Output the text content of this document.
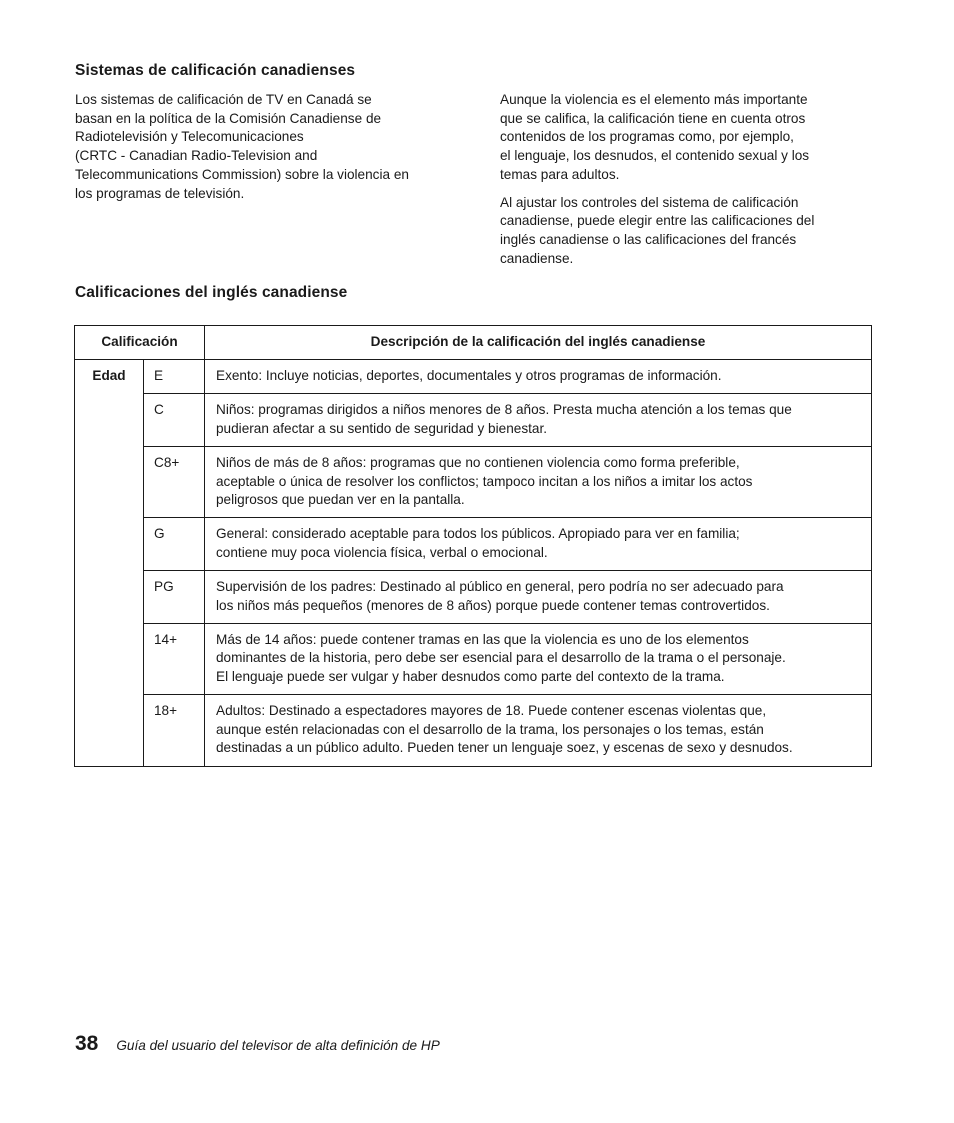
Sistemas de calificación canadienses

Los sistemas de calificación de TV en Canadá se
basan en la política de la Comisión Canadiense de
Radiotelevisión y Telecomunicaciones
(CRTC - Canadian Radio-Television and
Telecommunications Commission) sobre la violencia en
los programas de televisión.

Aunque la violencia es el elemento más importante
que se califica, la calificación tiene en cuenta otros
contenidos de los programas como, por ejemplo,
el lenguaje, los desnudos, el contenido sexual y los
temas para adultos.

Al ajustar los controles del sistema de calificación
canadiense, puede elegir entre las calificaciones del
inglés canadiense o las calificaciones del francés
canadiense.

Calificaciones del inglés canadiense
Calificación		Descripción de la calificación del inglés canadiense
Edad	E	Exento: Incluye noticias, deportes, documentales y otros programas de información.
	C	Niños: programas dirigidos a niños menores de 8 años. Presta mucha atención a los temas que
pudieran afectar a su sentido de seguridad y bienestar.
	C8+	Niños de más de 8 años: programas que no contienen violencia como forma preferible,
aceptable o única de resolver los conflictos; tampoco incitan a los niños a imitar los actos
peligrosos que puedan ver en la pantalla.
	G	General: considerado aceptable para todos los públicos. Apropiado para ver en familia;
contiene muy poca violencia física, verbal o emocional.
	PG	Supervisión de los padres: Destinado al público en general, pero podría no ser adecuado para
los niños más pequeños (menores de 8 años) porque puede contener temas controvertidos.
	14+	Más de 14 años: puede contener tramas en las que la violencia es uno de los elementos
dominantes de la historia, pero debe ser esencial para el desarrollo de la trama o el personaje.
El lenguaje puede ser vulgar y haber desnudos como parte del contexto de la trama.
	18+	Adultos: Destinado a espectadores mayores de 18. Puede contener escenas violentas que,
aunque estén relacionadas con el desarrollo de la trama, los personajes o los temas, están
destinadas a un público adulto. Pueden tener un lenguaje soez, y escenas de sexo y desnudos.
38 Guía del usuario del televisor de alta definición de HP
